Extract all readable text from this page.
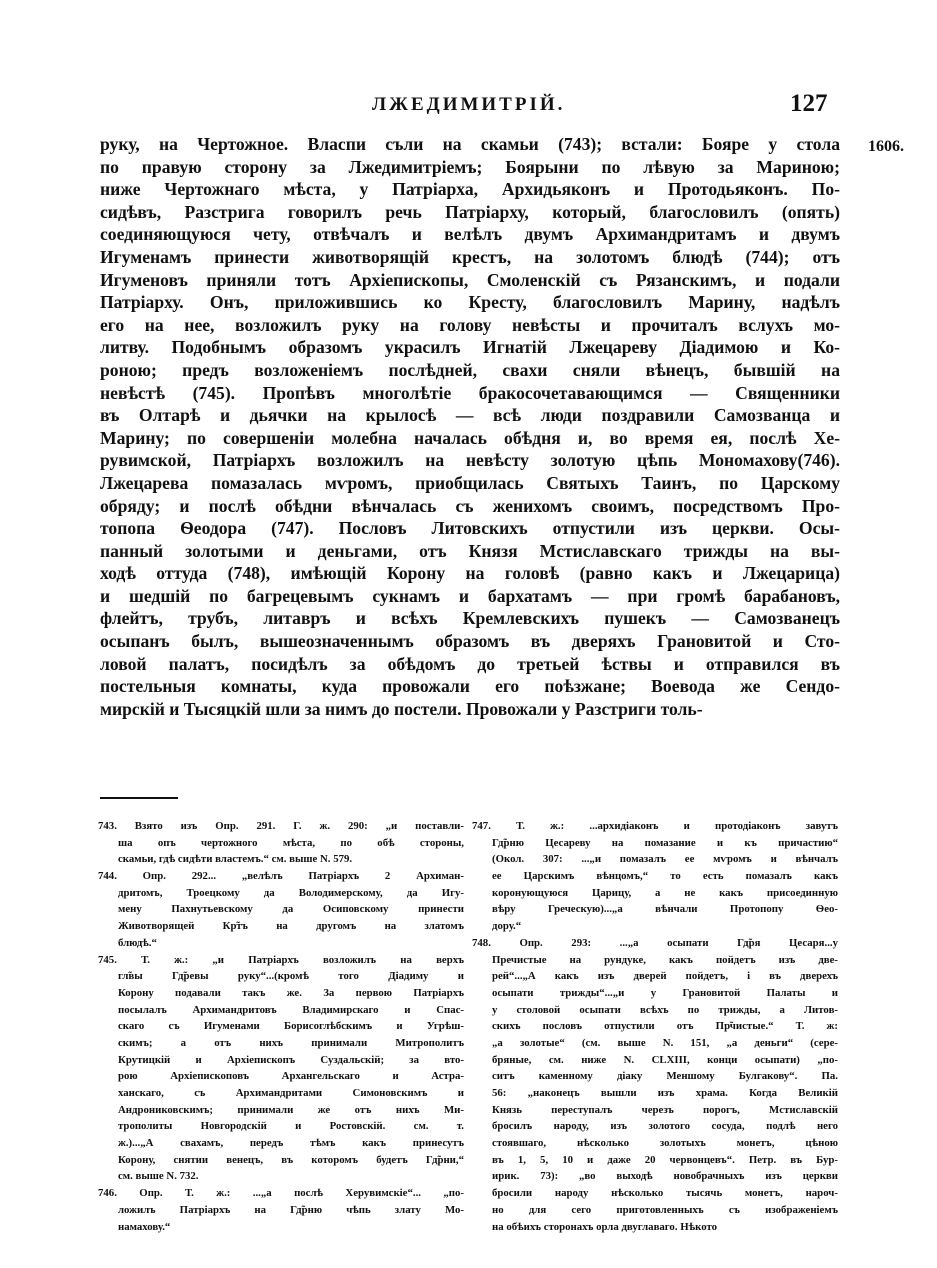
ЛЖЕДИМИТРІЙ.	127
1606.
руку, на Чертожное. Власпи съли на скамьи (743); встали: Бояре у стола
по правую сторону за Лжедимитріемъ; Боярыни по лѣвую за Мариною;
ниже Чертожнаго мѣста, у Патріарха, Архидьяконъ и Протодьяконъ. По-
сидѣвъ, Разстрига говорилъ речь Патріарху, который, благословилъ (опять)
соединяющуюся чету, отвѣчалъ и велѣлъ двумъ Архимандритамъ и двумъ
Игуменамъ принести животворящій крестъ, на золотомъ блюдѣ (744); отъ
Игуменовъ приняли тотъ Архіепископы, Смоленскій съ Рязанскимъ, и подали
Патріарху. Онъ, приложившись ко Кресту, благословилъ Марину, надѣлъ
его на нее, возложилъ руку на голову невѣсты и прочиталъ вслухъ мо-
литву. Подобнымъ образомъ украсилъ Игнатій Лжецареву Діадимою и Ко-
роною; предъ возложеніемъ послѣдней, свахи сняли вѣнецъ, бывшій на
невѣстѣ (745). Пропѣвъ многолѣтіе бракосочетавающимся — Священники
въ Олтарѣ и дьячки на крылосѣ — всѣ люди поздравили Самозванца и
Марину; по совершеніи молебна началась обѣдня и, во время ея, послѣ Хе-
рувимской, Патріархъ возложилъ на невѣсту золотую цѣпь Мономахову(746).
Лжецарева помазалась мѵромъ, приобщилась Святыхъ Таинъ, по Царскому
обряду; и послѣ обѣдни вѣнчалась съ женихомъ своимъ, посредствомъ Про-
топопа Ѳеодора (747). Пословъ Литовскихъ отпустили изъ церкви. Осы-
панный золотыми и деньгами, отъ Князя Мстиславскаго трижды на вы-
ходѣ оттуда (748), имѣющій Корону на головѣ (равно какъ и Лжецарица)
и шедшій по багрецевымъ сукнамъ и бархатамъ — при громѣ барабановъ,
флейтъ, трубъ, литавръ и всѣхъ Кремлевскихъ пушекъ — Самозванецъ
осыпанъ былъ, вышеозначеннымъ образомъ въ дверяхъ Грановитой и Сто-
ловой палатъ, посидѣлъ за обѣдомъ до третьей ѣствы и отправился въ
постельныя комнаты, куда провожали его поѣзжане; Воевода же Сендо-
мирскій и Тысяцкій шли за нимъ до постели. Провожали у Разстриги толь-
743. Взято изъ Опр. 291. Г. ж. 290: „и поставли-
ша опъ чертожного мѣста, по обѣ стороны,
скамьи, гдѣ сидѣти властемъ.“ см. выше N. 579.
744. Опр. 292... „велѣлъ Патріархъ 2 Архиман-
дритомъ, Троецкому да Володимерскому, да Игу-
мену Пахнутьевскому да Осиповскому принести
Животворящей Кр̃тъ на другомъ на златомъ
блюдѣ.“
745. Т. ж.: „и Патріархъ возложилъ на верхъ
гл̃вы Гд̃ревы руку“...(кромѣ того Діадиму и
Корону подавали такъ же. За первою Патріархъ
посылалъ Архимандритовъ Владимирскаго и Спас-
скаго съ Игуменами Борисоглѣбскимъ и Угрѣш-
скимъ; а отъ нихъ принимали Митрополитъ
Крутицкій и Архіепископъ Суздальскій; за вто-
рою Архіепископовъ Архангельскаго и Астра-
ханскаго, съ Архимандритами Симоновскимъ и
Андрониковскимъ; принимали же отъ нихъ Ми-
трополиты Новгородскій и Ростовскій. см. т.
ж.)...„А свахамъ, передъ тѣмъ какъ принесутъ
Корону, снятии венецъ, въ которомъ будетъ Гд̃рни,“
см. выше N. 732.
746. Опр. Т. ж.: ...„а послѣ Херувимскіе“... „по-
ложилъ Патріархъ на Гд̃рню чѣпь злату Мо-
намахову.“
747. Т. ж.: ...архидіаконъ и протодіаконъ завутъ
Гд̃рню Цесареву на помазание и къ причастию“
(Окол. 307: ...„и помазалъ ее мѵромъ и вѣнчалъ
ее Царскимъ вѣнцомъ,“ то есть помазалъ какъ
коронующуюся Царицу, а не какъ присоединную
вѣру Греческую)...„а вѣнчали Протопопу Ѳео-
дору.“
748. Опр. 293: ...„а осыпати Гд̃ря Цесаря...у
Пречистые на рундуке, какъ пойдетъ изъ две-
рей“...„А какъ изъ дверей пойдетъ, і въ дверехъ
осыпати трижды“...„и у Грановитой Палаты и
у столовой осыпати всѣхъ по трижды, а Литов-
скихъ пословъ отпустили отъ Пр̃чистые.“ Т. ж:
„а золотые“ (см. выше N. 151, „а деньги“ (сере-
бряные, см. ниже N. CLXIII, конци осыпати) „по-
ситъ каменному дiаку Меншому Булгакову“. Па.
56: „наконецъ вышли изъ храма. Когда Великій
Князь переступалъ черезъ порогъ, Мстиславскій
бросилъ народу, изъ золотого сосуда, подлѣ него
стоявшаго, нѣсколько золотыхъ монетъ, цѣною
въ 1, 5, 10 и даже 20 червонцевъ“. Петр. въ Бур-
ирик. 73): „во выходѣ новобрачныхъ изъ церкви
бросили народу нѣсколько тысячь монетъ, нароч-
но для сего приготовленныхъ съ изображеніемъ
на обѣихъ сторонахъ орла двуглаваго. Нѣкото
